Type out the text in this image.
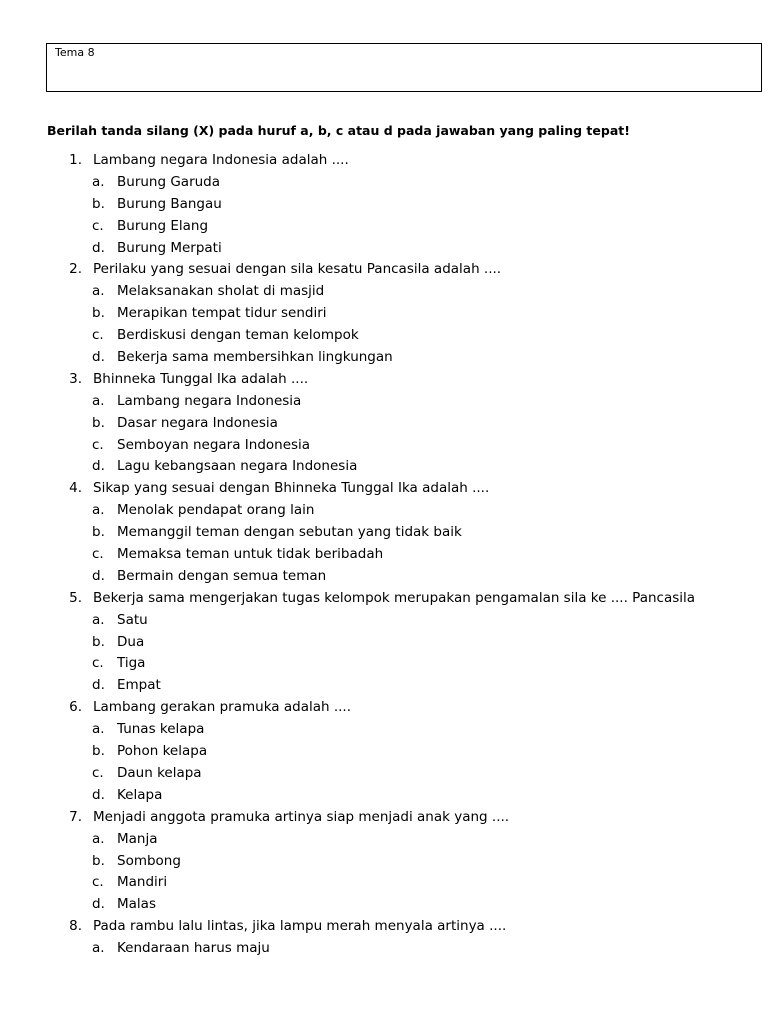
Tema 8
Berilah tanda silang (X) pada huruf a, b, c atau d pada jawaban yang paling tepat!
1. Lambang negara Indonesia adalah ....
a. Burung Garuda
b. Burung Bangau
c. Burung Elang
d. Burung Merpati
2. Perilaku yang sesuai dengan sila kesatu Pancasila adalah ....
a. Melaksanakan sholat di masjid
b. Merapikan tempat tidur sendiri
c. Berdiskusi dengan teman kelompok
d. Bekerja sama membersihkan lingkungan
3. Bhinneka Tunggal Ika adalah ....
a. Lambang negara Indonesia
b. Dasar negara Indonesia
c. Semboyan negara Indonesia
d. Lagu kebangsaan negara Indonesia
4. Sikap yang sesuai dengan Bhinneka Tunggal Ika adalah ....
a. Menolak pendapat orang lain
b. Memanggil teman dengan sebutan yang tidak baik
c. Memaksa teman untuk tidak beribadah
d. Bermain dengan semua teman
5. Bekerja sama mengerjakan tugas kelompok merupakan pengamalan sila ke .... Pancasila
a. Satu
b. Dua
c. Tiga
d. Empat
6. Lambang gerakan pramuka adalah ....
a. Tunas kelapa
b. Pohon kelapa
c. Daun kelapa
d. Kelapa
7. Menjadi anggota pramuka artinya siap menjadi anak yang ....
a. Manja
b. Sombong
c. Mandiri
d. Malas
8. Pada rambu lalu lintas, jika lampu merah menyala artinya ....
a. Kendaraan harus maju
